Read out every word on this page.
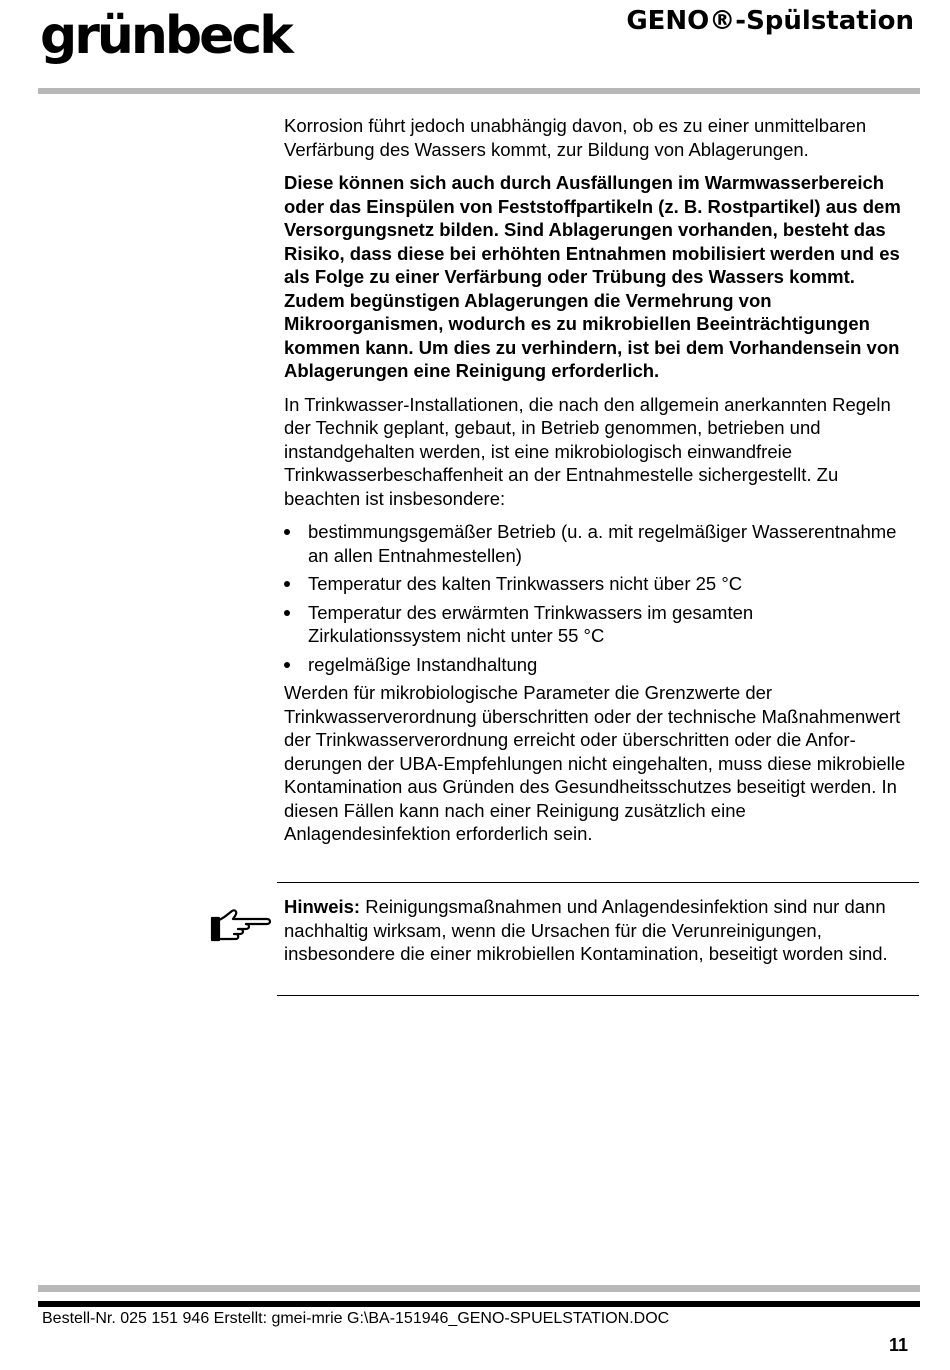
grünbeck	GENO®-Spülstation

Korrosion führt jedoch unabhängig davon, ob es zu einer unmittelbaren Verfärbung des Wassers kommt, zur Bildung von Ablagerungen.

Diese können sich auch durch Ausfällungen im Warmwasserbereich oder das Einspülen von Feststoffpartikeln (z. B. Rostpartikel) aus dem Versorgungsnetz bilden. Sind Ablagerungen vorhanden, besteht das Risiko, dass diese bei erhöhten Entnahmen mobilisiert werden und es als Folge zu einer Verfärbung oder Trübung des Wassers kommt. Zudem begünstigen Ablagerungen die Vermehrung von Mikroorganismen, wodurch es zu mikrobiellen Beeinträchtigungen kommen kann. Um dies zu verhindern, ist bei dem Vorhandensein von Ablagerungen eine Reinigung erforderlich.

In Trinkwasser-Installationen, die nach den allgemein anerkannten Regeln der Technik geplant, gebaut, in Betrieb genommen, betrieben und instandgehalten werden, ist eine mikrobiologisch einwandfreie Trinkwasserbeschaffenheit an der Entnahmestelle sichergestellt. Zu beachten ist insbesondere:

bestimmungsgemäßer Betrieb (u. a. mit regelmäßiger Wasserentnahme an allen Entnahmestellen)
Temperatur des kalten Trinkwassers nicht über 25 °C
Temperatur des erwärmten Trinkwassers im gesamten Zirkulationssystem nicht unter 55 °C
regelmäßige Instandhaltung

Werden für mikrobiologische Parameter die Grenzwerte der Trinkwasserverordnung überschritten oder der technische Maßnahmenwert der Trinkwasserverordnung erreicht oder überschritten oder die Anfor-derungen der UBA-Empfehlungen nicht eingehalten, muss diese mikrobielle Kontamination aus Gründen des Gesundheitsschutzes beseitigt werden. In diesen Fällen kann nach einer Reinigung zusätzlich eine Anlagendesinfektion erforderlich sein.

Hinweis: Reinigungsmaßnahmen und Anlagendesinfektion sind nur dann nachhaltig wirksam, wenn die Ursachen für die Verunreinigungen, insbesondere die einer mikrobiellen Kontamination, beseitigt worden sind.
Bestell-Nr. 025 151 946 Erstellt: gmei-mrie G:\BA-151946_GENO-SPUELSTATION.DOC
11
